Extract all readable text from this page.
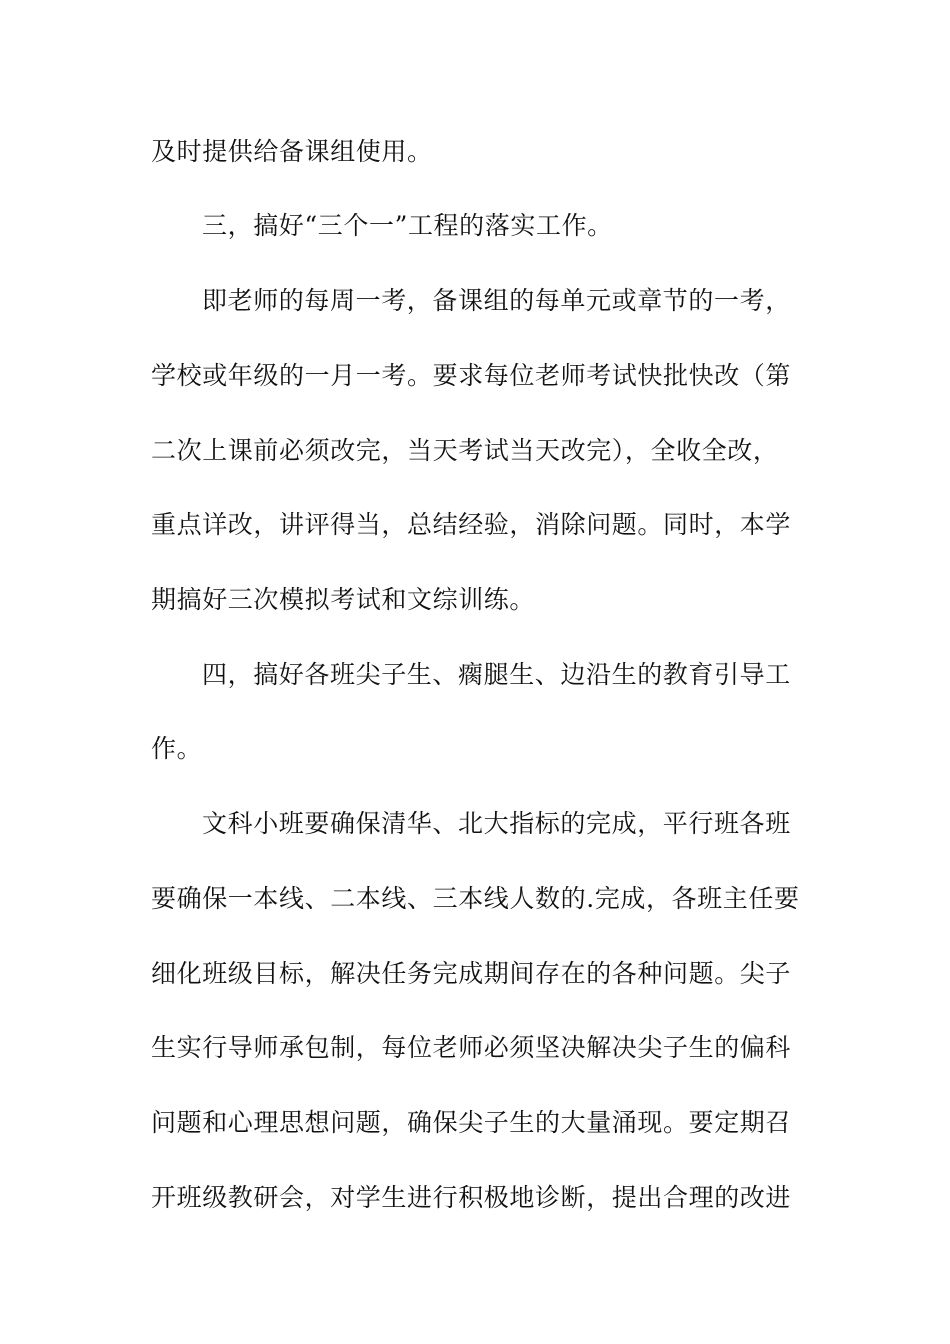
及时提供给备课组使用。
三，搞好“三个一”工程的落实工作。
即老师的每周一考，备课组的每单元或章节的一考，
学校或年级的一月一考。要求每位老师考试快批快改（第
二次上课前必须改完，当天考试当天改完），全收全改，
重点详改，讲评得当，总结经验，消除问题。同时，本学
期搞好三次模拟考试和文综训练。
四，搞好各班尖子生、瘸腿生、边沿生的教育引导工
作。
文科小班要确保清华、北大指标的完成，平行班各班
要确保一本线、二本线、三本线人数的.完成，各班主任要
细化班级目标，解决任务完成期间存在的各种问题。尖子
生实行导师承包制，每位老师必须坚决解决尖子生的偏科
问题和心理思想问题，确保尖子生的大量涌现。要定期召
开班级教研会，对学生进行积极地诊断，提出合理的改进
